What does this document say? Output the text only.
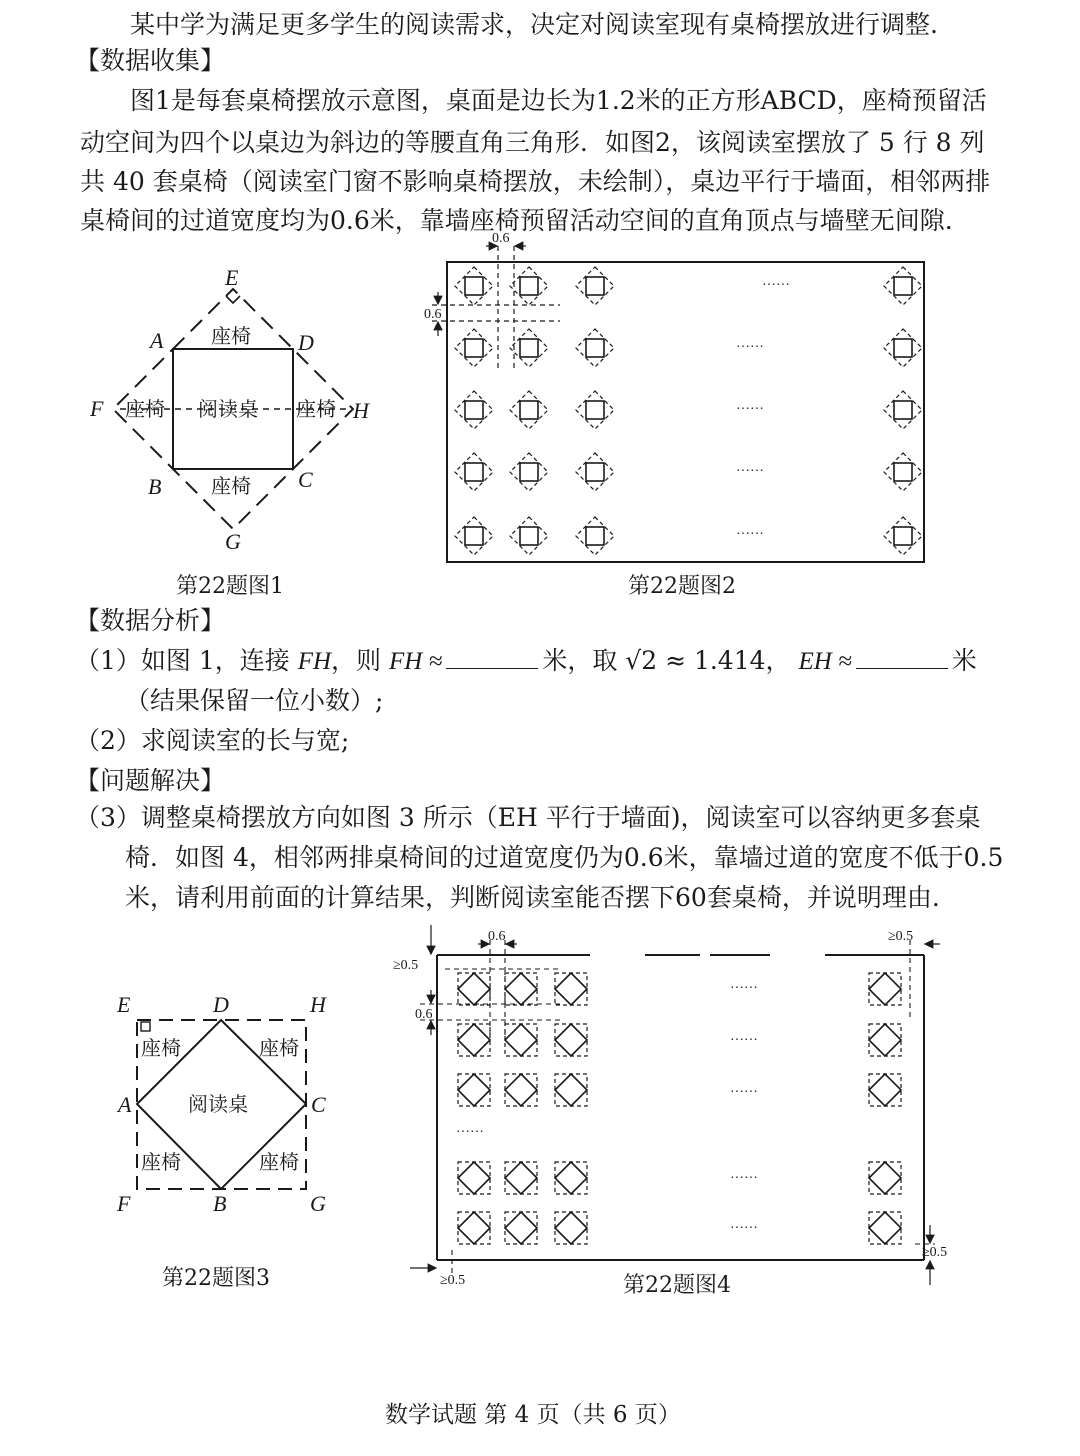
某中学为满足更多学生的阅读需求，决定对阅读室现有桌椅摆放进行调整.
【数据收集】
图1是每套桌椅摆放示意图，桌面是边长为1.2米的正方形ABCD，座椅预留活
动空间为四个以桌边为斜边的等腰直角三角形．如图2，该阅读室摆放了 5 行 8 列
共 40 套桌椅（阅读室门窗不影响桌椅摆放，未绘制），桌边平行于墙面，相邻两排
桌椅间的过道宽度均为0.6米，靠墙座椅预留活动空间的直角顶点与墙壁无间隙.
【数据分析】
（1）如图 1，连接 FH，则 FH ≈	米，取 √2 ≈ 1.414， EH ≈	米
（结果保留一位小数）;
（2）求阅读室的长与宽;
【问题解决】
（3）调整桌椅摆放方向如图 3 所示（EH 平行于墙面)，阅读室可以容纳更多套桌
椅．如图 4，相邻两排桌椅间的过道宽度仍为0.6米，靠墙过道的宽度不低于0.5
米，请利用前面的计算结果，判断阅读室能否摆下60套桌椅，并说明理由.
数学试题 第 4 页（共 6 页）
E
A	D
F	H
B	C
G
座椅
座椅 阅读桌 座椅
座椅
第22题图1
0.6
0.6
······
······
······
······
······
第22题图2
E	D	H
A	C
F	B	G
座椅	座椅
阅读桌
座椅	座椅
第22题图3
≥0.5
0.6
0.6	≥0.5
≥0.5
≥0.5
······
······
······
······
······
······
第22题图4
